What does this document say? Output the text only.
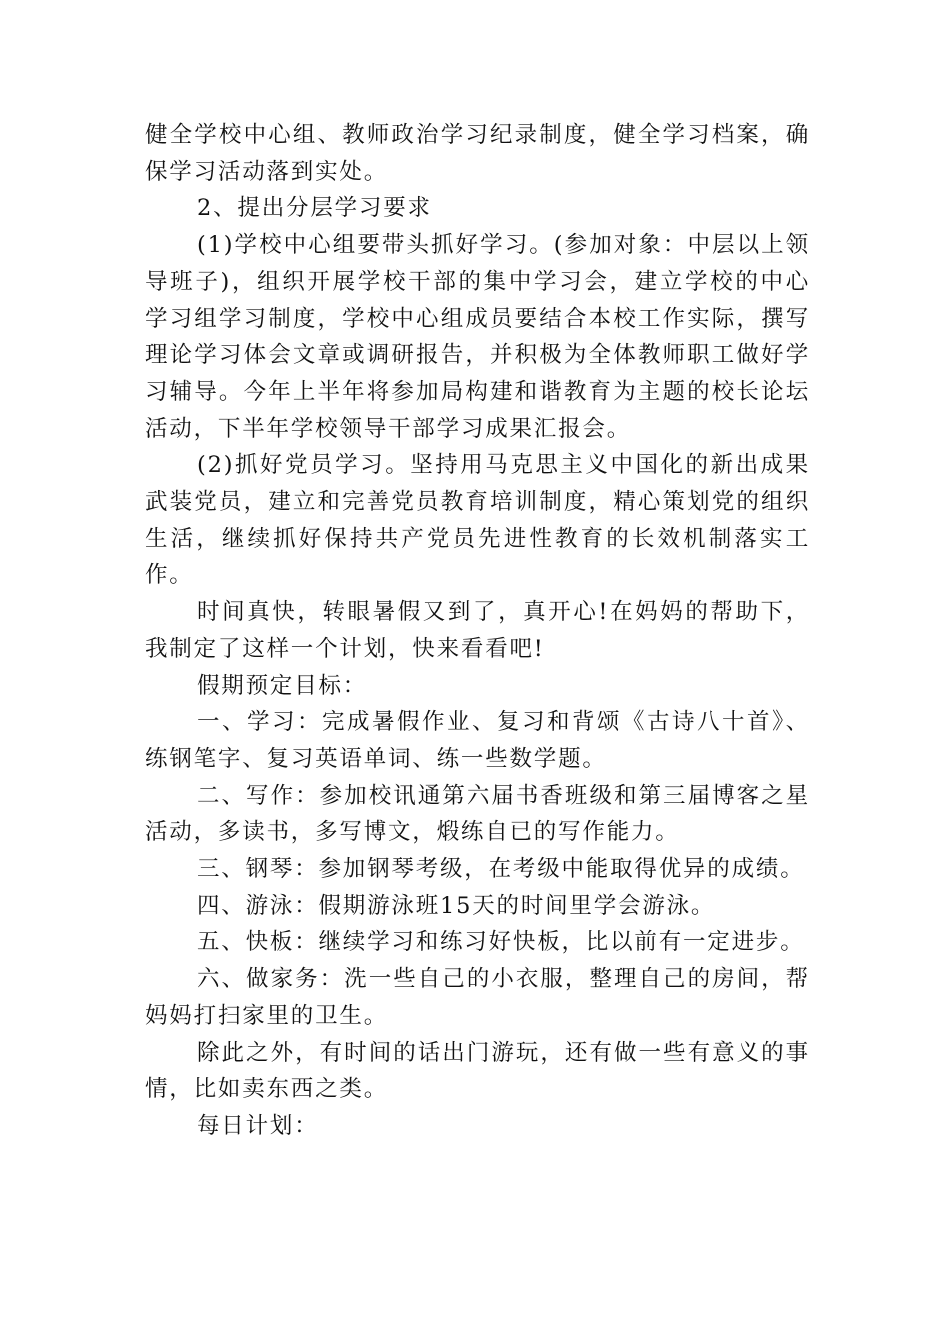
健全学校中心组、教师政治学习纪录制度，健全学习档案，确保学习活动落到实处。

2、提出分层学习要求

(1)学校中心组要带头抓好学习。(参加对象：中层以上领导班子)，组织开展学校干部的集中学习会，建立学校的中心学习组学习制度，学校中心组成员要结合本校工作实际，撰写理论学习体会文章或调研报告，并积极为全体教师职工做好学习辅导。今年上半年将参加局构建和谐教育为主题的校长论坛活动，下半年学校领导干部学习成果汇报会。

(2)抓好党员学习。坚持用马克思主义中国化的新出成果武装党员，建立和完善党员教育培训制度，精心策划党的组织生活，继续抓好保持共产党员先进性教育的长效机制落实工作。

时间真快，转眼暑假又到了，真开心!在妈妈的帮助下，我制定了这样一个计划，快来看看吧!

假期预定目标：

一、学习：完成暑假作业、复习和背颂《古诗八十首》、练钢笔字、复习英语单词、练一些数学题。

二、写作：参加校讯通第六届书香班级和第三届博客之星活动，多读书，多写博文，煅练自已的写作能力。

三、钢琴：参加钢琴考级，在考级中能取得优异的成绩。

四、游泳：假期游泳班15天的时间里学会游泳。

五、快板：继续学习和练习好快板，比以前有一定进步。

六、做家务：洗一些自己的小衣服，整理自己的房间，帮妈妈打扫家里的卫生。

除此之外，有时间的话出门游玩，还有做一些有意义的事情，比如卖东西之类。

每日计划：
